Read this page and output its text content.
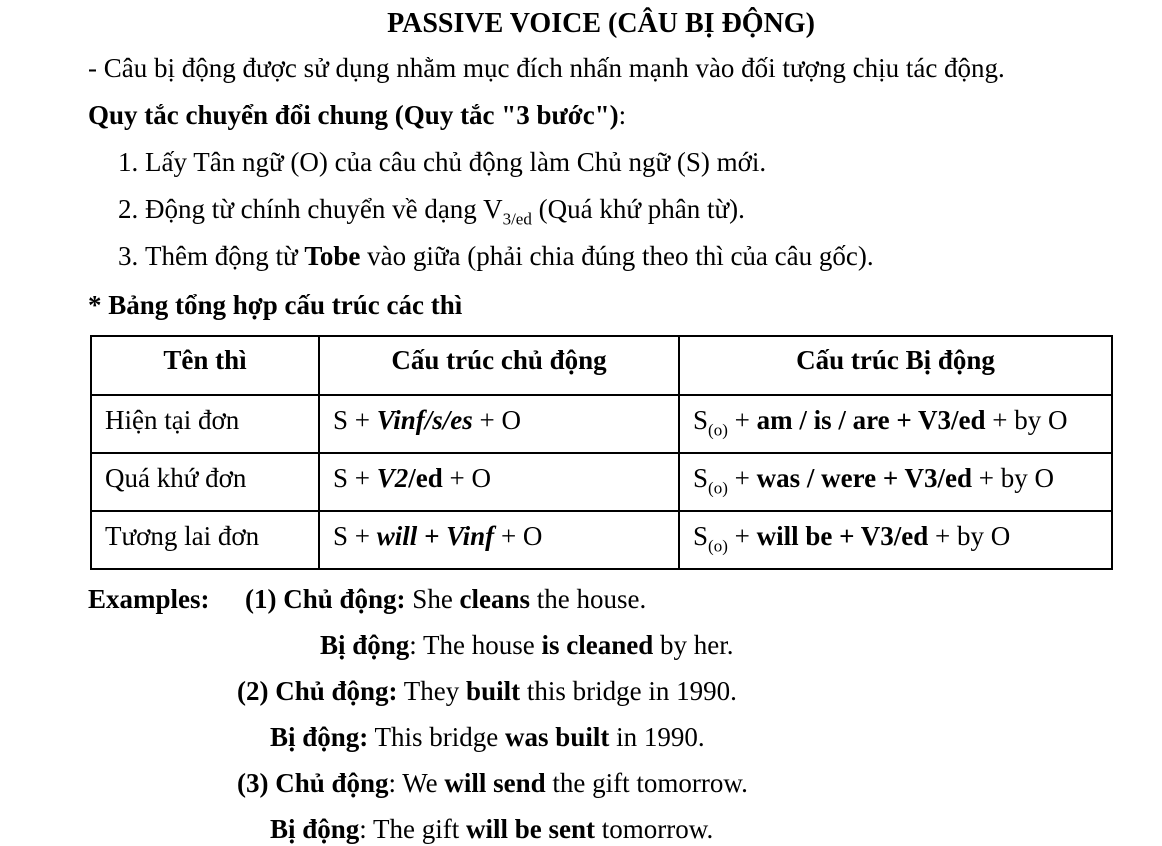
PASSIVE VOICE (CÂU BỊ ĐỘNG)
- Câu bị động được sử dụng nhằm mục đích nhấn mạnh vào đối tượng chịu tác động.
Quy tắc chuyển đổi chung (Quy tắc "3 bước"):
1. Lấy Tân ngữ (O) của câu chủ động làm Chủ ngữ (S) mới.
2. Động từ chính chuyển về dạng $V_{3/ed}$ (Quá khứ phân từ).
3. Thêm động từ Tobe vào giữa (phải chia đúng theo thì của câu gốc).
* Bảng tổng hợp cấu trúc các thì
Tên thì	Cấu trúc chủ động	Cấu trúc Bị động
Hiện tại đơn	S + Vinf/s/es + O	$S_{(o)}$ + am / is / are + V3/ed + by O
Quá khứ đơn	S + V2/ed + O	$S_{(o)}$ + was / were + V3/ed + by O
Tương lai đơn	S + will + Vinf + O	$S_{(o)}$ + will be + V3/ed + by O
Examples: (1) Chủ động: She cleans the house.
Bị động: The house is cleaned by her.
(2) Chủ động: They built this bridge in 1990.
Bị động: This bridge was built in 1990.
(3) Chủ động: We will send the gift tomorrow.
Bị động: The gift will be sent tomorrow.
